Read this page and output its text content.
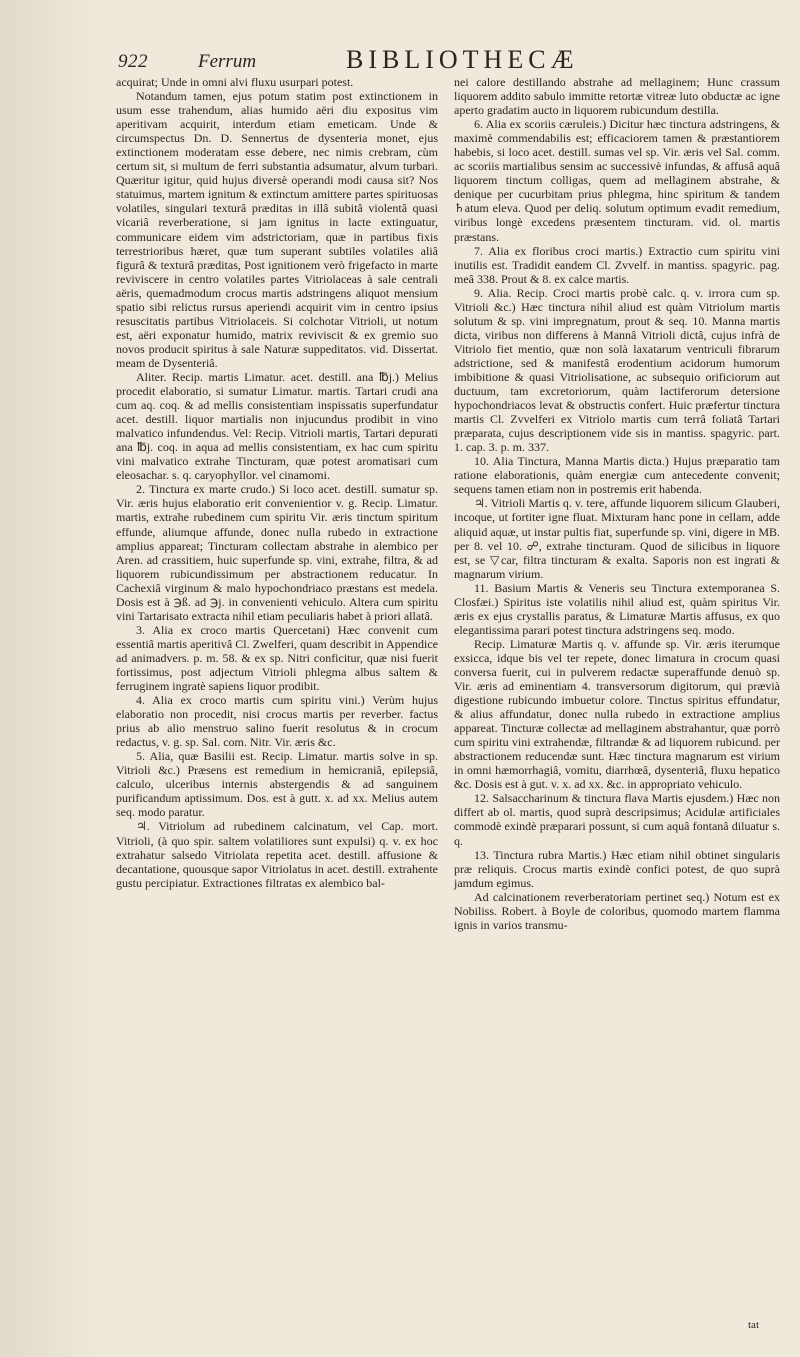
922	Ferrum	BIBLIOTHECÆ

acquirat; Unde in omni alvi fluxu usurpari potest.

Notandum tamen, ejus potum statim post extinctionem in usum esse trahendum, alias humido aëri diu expositus vim aperitivam acquirit, interdum etiam emeticam. Unde & circumspectus Dn. D. Sennertus de dysenteria monet, ejus extinctionem moderatam esse debere, nec nimis crebram, cùm certum sit, si multum de ferri substantia adsumatur, alvum turbari. Quæritur igitur, quid hujus diversè operandi modi causa sit? Nos statuimus, martem ignitum & extinctum amittere partes spirituosas volatiles, singulari texturâ præditas in illâ subitâ violentâ quasi vicariâ reverberatione, si jam ignitus in lacte extinguatur, communicare eidem vim adstrictoriam, quæ in partibus fixis terrestrioribus hæret, quæ tum superant subtiles volatiles aliâ figurâ & texturâ præditas, Post ignitionem verò frigefacto in marte reviviscere in centro volatiles partes Vitriolaceas à sale centrali aëris, quemadmodum crocus martis adstringens aliquot mensium spatio sibi relictus rursus aperiendi acquirit vim in centro ipsius resuscitatis partibus Vitriolaceis. Si colchotar Vitrioli, ut notum est, aëri exponatur humido, matrix reviviscit & ex gremio suo novos producit spiritus à sale Naturæ suppeditatos. vid. Dissertat. meam de Dysenteriâ.

Aliter. Recip. martis Limatur. acet. destill. ana ℔j.) Melius procedit elaboratio, si sumatur Limatur. martis. Tartari crudi ana cum aq. coq. & ad mellis consistentiam inspissatis superfundatur acet. destill. liquor martialis non injucundus prodibit in vino malvatico infundendus. Vel: Recip. Vitrioli martis, Tartari depurati ana ℔j. coq. in aqua ad mellis consistentiam, ex hac cum spiritu vini malvatico extrahe Tincturam, quæ potest aromatisari cum eleosachar. s. q. caryophyllor. vel cinamomi.

2. Tinctura ex marte crudo.) Si loco acet. destill. sumatur sp. Vir. æris hujus elaboratio erit convenientior v. g. Recip. Limatur. martis, extrahe rubedinem cum spiritu Vir. æris tinctum spiritum effunde, aliumque affunde, donec nulla rubedo in extractione amplius appareat; Tincturam collectam abstrahe in alembico per Aren. ad crassitiem, huic superfunde sp. vini, extrahe, filtra, & ad liquorem rubicundissimum per abstractionem reducatur. In Cachexiâ virginum & malo hypochondriaco præstans est medela. Dosis est à ℈ß. ad ℈j. in convenienti vehiculo. Altera cum spiritu vini Tartarisato extracta nihil etiam peculiaris habet à priori allatâ.

3. Alia ex croco martis Quercetani) Hæc convenit cum essentiâ martis aperitivâ Cl. Zwelferi, quam describit in Appendice ad animadvers. p. m. 58. & ex sp. Nitri conficitur, quæ nisi fuerit fortissimus, post adjectum Vitrioli phlegma albus saltem & ferruginem ingratè sapiens liquor prodibit.

4. Alia ex croco martis cum spiritu vini.) Verùm hujus elaboratio non procedit, nisi crocus martis per reverber. factus prius ab alio menstruo salino fuerit resolutus & in crocum redactus, v. g. sp. Sal. com. Nitr. Vir. æris &c.

5. Alia, quæ Basilii est. Recip. Limatur. martis solve in sp. Vitrioli &c.) Præsens est remedium in hemicraniâ, epilepsiâ, calculo, ulceribus internis abstergendis & ad sanguinem purificandum aptissimum. Dos. est à gutt. x. ad xx. Melius autem seq. modo paratur.

♃. Vitriolum ad rubedinem calcinatum, vel Cap. mort. Vitrioli, (à quo spir. saltem volatiliores sunt expulsi) q. v. ex hoc extrahatur salsedo Vitriolata repetita acet. destill. affusione & decantatione, quousque sapor Vitriolatus in acet. destill. extrahente gustu percipiatur. Extractiones filtratas ex alembico bal-

nei calore destillando abstrahe ad mellaginem; Hunc crassum liquorem addito sabulo immitte retortæ vitreæ luto obductæ ac igne aperto gradatim aucto in liquorem rubicundum destilla.

6. Alia ex scoriis cæruleis.) Dicitur hæc tinctura adstringens, & maximè commendabilis est; efficaciorem tamen & præstantiorem habebis, si loco acet. destill. sumas vel sp. Vir. æris vel Sal. comm. ac scoriis martialibus sensim ac successivè infundas, & affusâ aquâ liquorem tinctum colligas, quem ad mellaginem abstrahe, & denique per cucurbitam prius phlegma, hinc spiritum & tandem ♄atum eleva. Quod per deliq. solutum optimum evadit remedium, viribus longè excedens præsentem tincturam. vid. ol. martis præstans.

7. Alia ex floribus croci martis.) Extractio cum spiritu vini inutilis est. Tradidit eandem Cl. Zvvelf. in mantiss. spagyric. pag. meâ 338. Prout & 8. ex calce martis.

9. Alia. Recip. Croci martis probè calc. q. v. irrora cum sp. Vitrioli &c.) Hæc tinctura nihil aliud est quàm Vitriolum martis solutum & sp. vini impregnatum, prout & seq. 10. Manna martis dicta, viribus non differens à Mannâ Vitrioli dictâ, cujus infrà de Vitriolo fiet mentio, quæ non solà laxatarum ventriculi fibrarum adstrictione, sed & manifestâ erodentium acidorum humorum imbibitione & quasi Vitriolisatione, ac subsequio orificiorum aut ductuum, tam excretoriorum, quàm lactiferorum detersione hypochondriacos levat & obstructis confert. Huic præfertur tinctura martis Cl. Zvvelferi ex Vitriolo martis cum terrâ foliatâ Tartari præparata, cujus descriptionem vide sis in mantiss. spagyric. part. 1. cap. 3. p. m. 337.

10. Alia Tinctura, Manna Martis dicta.) Hujus præparatio tam ratione elaborationis, quàm energiæ cum antecedente convenit; sequens tamen etiam non in postremis erit habenda.

♃. Vitrioli Martis q. v. tere, affunde liquorem silicum Glauberi, incoque, ut fortiter igne fluat. Mixturam hanc pone in cellam, adde aliquid aquæ, ut instar pultis fiat, superfunde sp. vini, digere in MB. per 8. vel 10. ☍, extrahe tincturam. Quod de silicibus in liquore est, se ▽car, filtra tincturam & exalta. Saporis non est ingrati & magnarum virium.

11. Basium Martis & Veneris seu Tinctura extemporanea S. Closfæi.) Spiritus iste volatilis nihil aliud est, quàm spiritus Vir. æris ex ejus crystallis paratus, & Limaturæ Martis affusus, ex quo elegantissima parari potest tinctura adstringens seq. modo.

Recip. Limaturæ Martis q. v. affunde sp. Vir. æris iterumque exsicca, idque bis vel ter repete, donec limatura in crocum quasi conversa fuerit, cui in pulverem redactæ superaffunde denuò sp. Vir. æris ad eminentiam 4. transversorum digitorum, qui prævià digestione rubicundo imbuetur colore. Tinctus spiritus effundatur, & alius affundatur, donec nulla rubedo in extractione amplius appareat. Tincturæ collectæ ad mellaginem abstrahantur, quæ porrò cum spiritu vini extrahendæ, filtrandæ & ad liquorem rubicund. per abstractionem reducendæ sunt. Hæc tinctura magnarum est virium in omni hæmorrhagiâ, vomitu, diarrhœâ, dysenteriâ, fluxu hepatico &c. Dosis est à gut. v. x. ad xx. &c. in appropriato vehiculo.

12. Salsaccharinum & tinctura flava Martis ejusdem.) Hæc non differt ab ol. martis, quod suprà descripsimus; Acidulæ artificiales commodè exindè præparari possunt, si cum aquâ fontanâ diluatur s. q.

13. Tinctura rubra Martis.) Hæc etiam nihil obtinet singularis præ reliquis. Crocus martis exindè confici potest, de quo suprà jamdum egimus.

Ad calcinationem reverberatoriam pertinet seq.) Notum est ex Nobiliss. Robert. à Boyle de coloribus, quomodo martem flamma ignis in varios transmu-

tat
